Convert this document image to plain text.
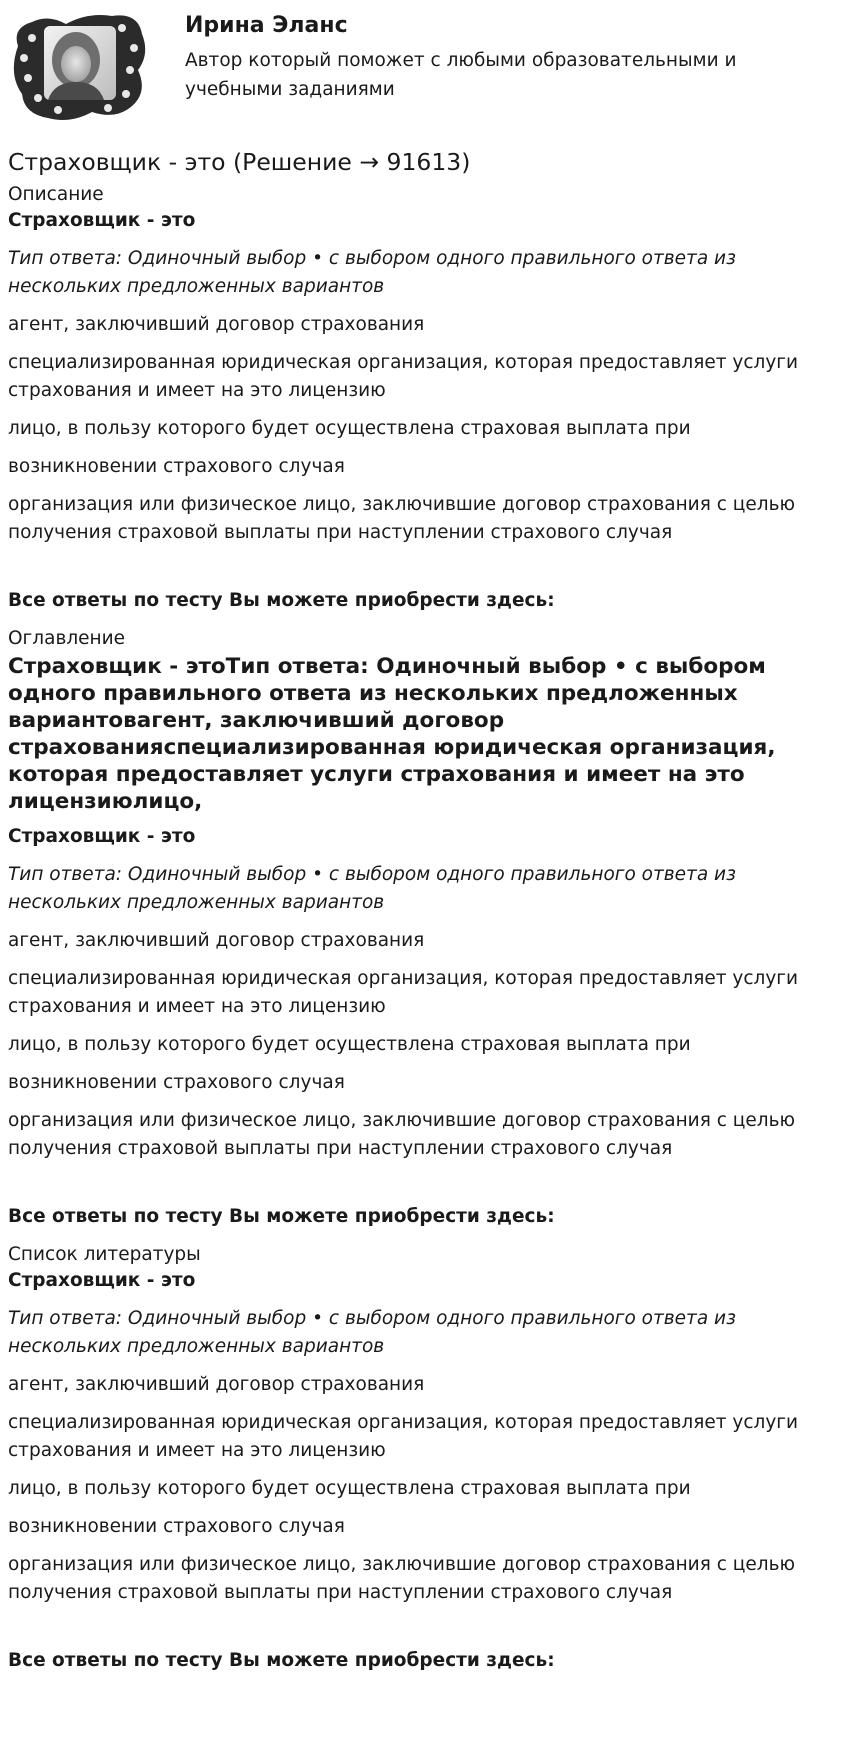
Ирина Эланс
Автор который поможет с любыми образовательными и учебными заданиями
Страховщик - это (Решение → 91613)
Описание
Страховщик - это
Тип ответа: Одиночный выбор • с выбором одного правильного ответа из нескольких предложенных вариантов
агент, заключивший договор страхования
специализированная юридическая организация, которая предоставляет услуги страхования и имеет на это лицензию
лицо, в пользу которого будет осуществлена страховая выплата при
возникновении страхового случая
организация или физическое лицо, заключившие договор страхования с целью получения страховой выплаты при наступлении страхового случая
Все ответы по тесту Вы можете приобрести здесь:
Оглавление
Страховщик - этоТип ответа: Одиночный выбор • с выбором одного правильного ответа из нескольких предложенных вариантовагент, заключивший договор страхованияспециализированная юридическая организация, которая предоставляет услуги страхования и имеет на это лицензиюлицо,
Страховщик - это
Тип ответа: Одиночный выбор • с выбором одного правильного ответа из нескольких предложенных вариантов
агент, заключивший договор страхования
специализированная юридическая организация, которая предоставляет услуги страхования и имеет на это лицензию
лицо, в пользу которого будет осуществлена страховая выплата при
возникновении страхового случая
организация или физическое лицо, заключившие договор страхования с целью получения страховой выплаты при наступлении страхового случая
Все ответы по тесту Вы можете приобрести здесь:
Список литературы
Страховщик - это
Тип ответа: Одиночный выбор • с выбором одного правильного ответа из нескольких предложенных вариантов
агент, заключивший договор страхования
специализированная юридическая организация, которая предоставляет услуги страхования и имеет на это лицензию
лицо, в пользу которого будет осуществлена страховая выплата при
возникновении страхового случая
организация или физическое лицо, заключившие договор страхования с целью получения страховой выплаты при наступлении страхового случая
Все ответы по тесту Вы можете приобрести здесь:
